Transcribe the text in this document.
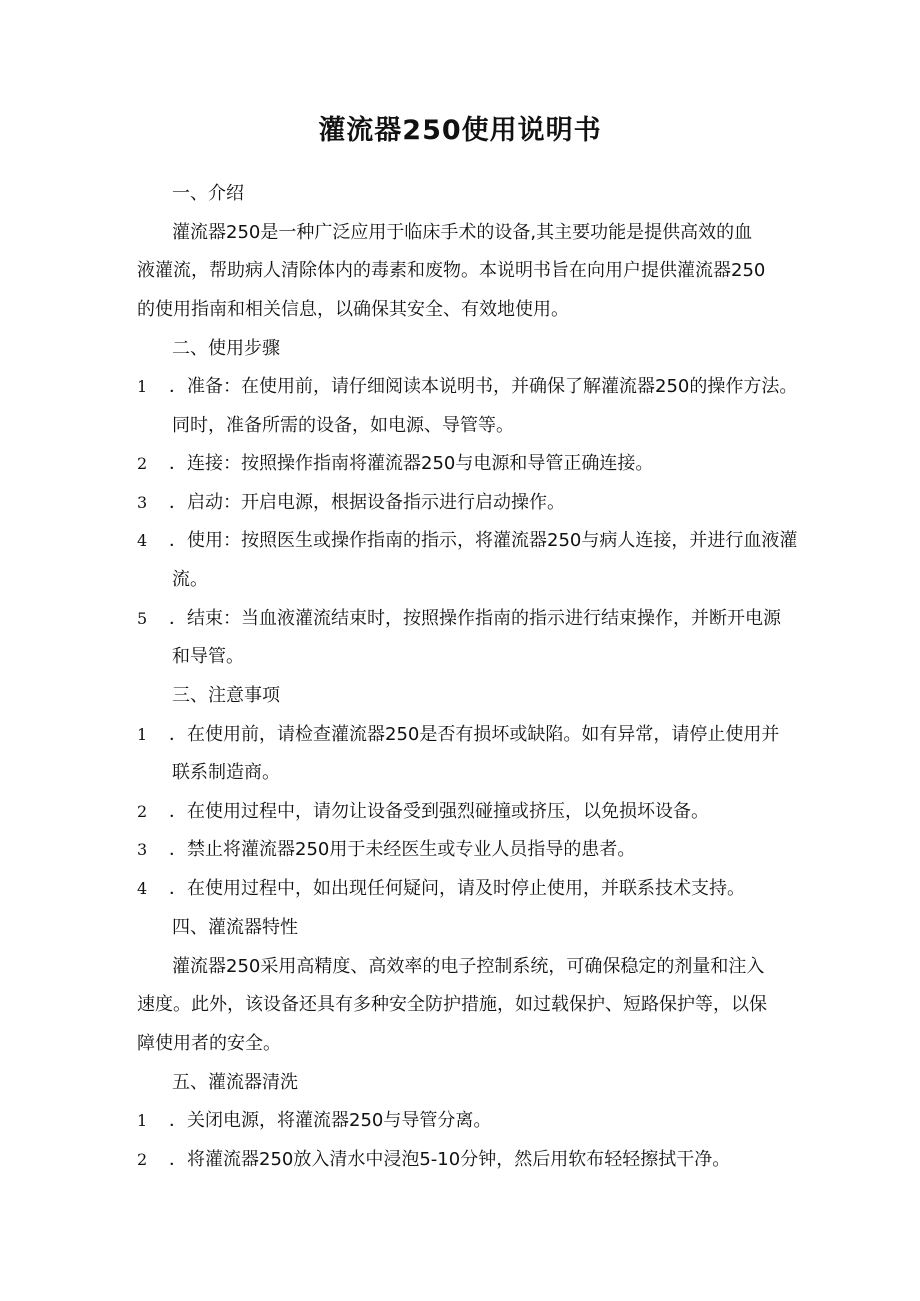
灌流器250使用说明书
一、介绍
灌流器250是一种广泛应用于临床手术的设备,其主要功能是提供高效的血
液灌流，帮助病人清除体内的毒素和废物。本说明书旨在向用户提供灌流器250
的使用指南和相关信息，以确保其安全、有效地使用。
二、使用步骤
1 ．准备：在使用前，请仔细阅读本说明书，并确保了解灌流器250的操作方法。
同时，准备所需的设备，如电源、导管等。
2 ．连接：按照操作指南将灌流器250与电源和导管正确连接。
3 ．启动：开启电源，根据设备指示进行启动操作。
4 ．使用：按照医生或操作指南的指示，将灌流器250与病人连接，并进行血液灌
流。
5 ．结束：当血液灌流结束时，按照操作指南的指示进行结束操作，并断开电源
和导管。
三、注意事项
1 ．在使用前，请检查灌流器250是否有损坏或缺陷。如有异常，请停止使用并
联系制造商。
2 ．在使用过程中，请勿让设备受到强烈碰撞或挤压，以免损坏设备。
3 ．禁止将灌流器250用于未经医生或专业人员指导的患者。
4 ．在使用过程中，如出现任何疑问，请及时停止使用，并联系技术支持。
四、灌流器特性
灌流器250采用高精度、高效率的电子控制系统，可确保稳定的剂量和注入
速度。此外，该设备还具有多种安全防护措施，如过载保护、短路保护等，以保
障使用者的安全。
五、灌流器清洗
1 ．关闭电源，将灌流器250与导管分离。
2 ．将灌流器250放入清水中浸泡5-10分钟，然后用软布轻轻擦拭干净。
